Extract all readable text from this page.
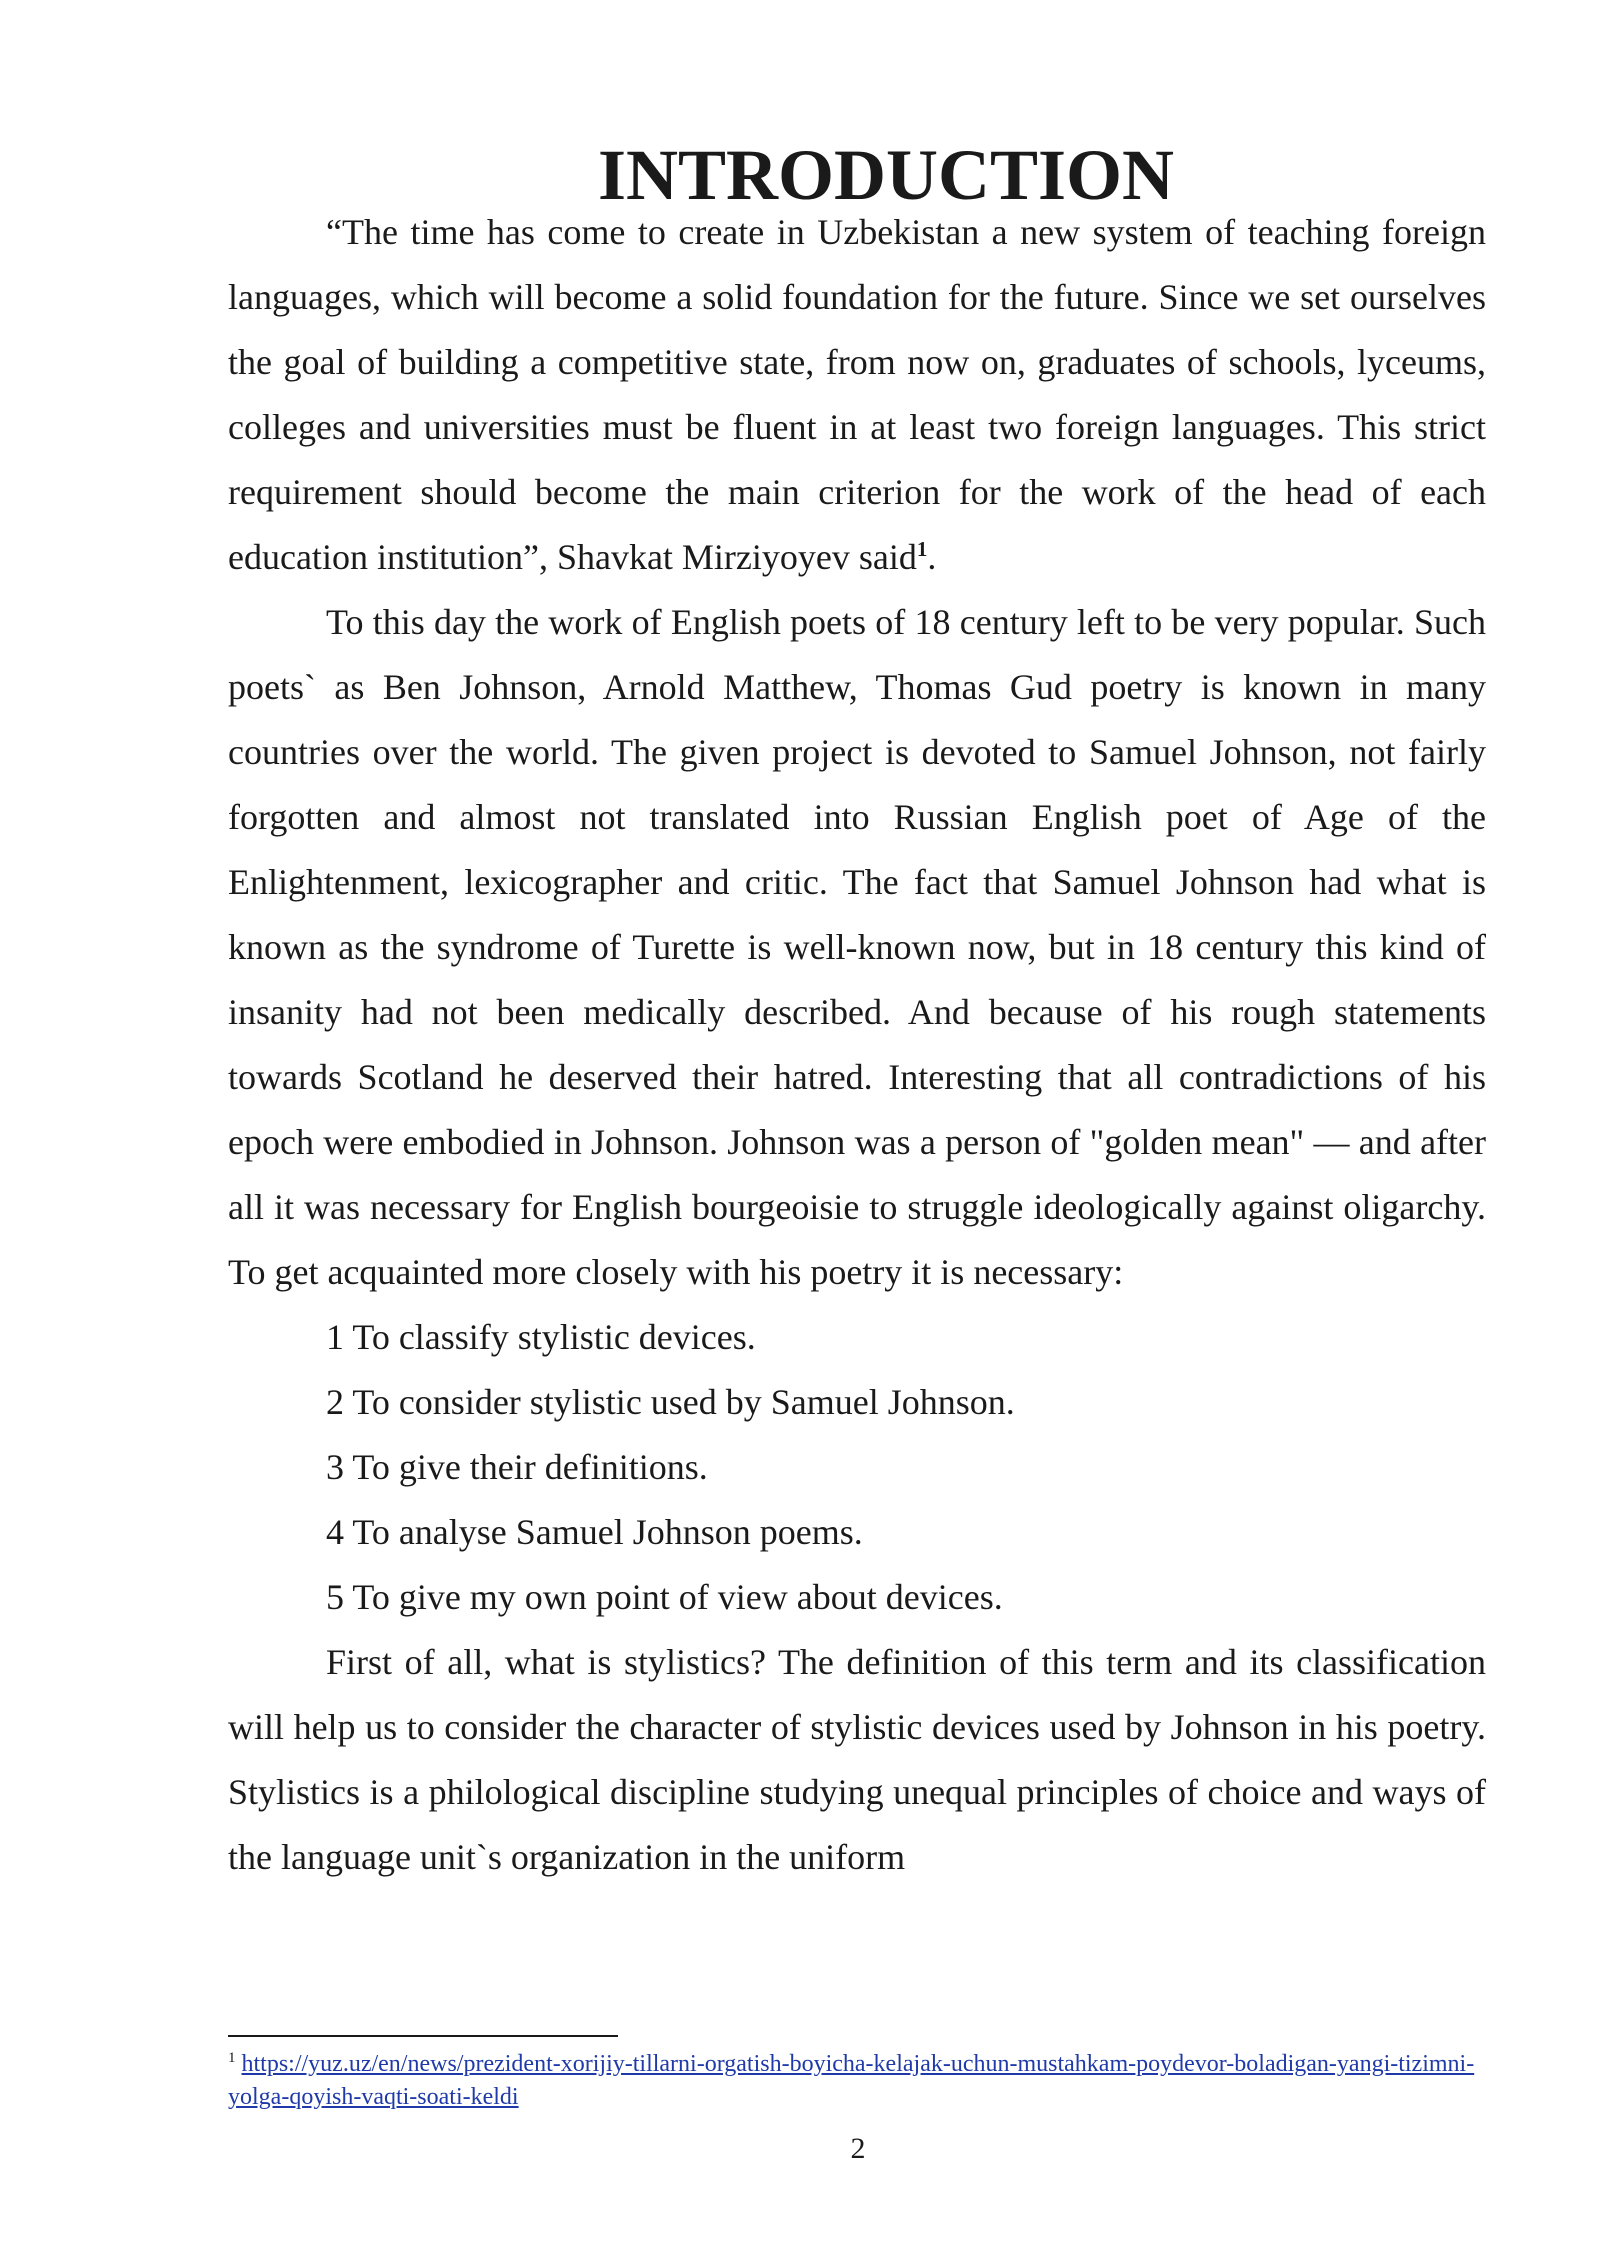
INTRODUCTION

“The time has come to create in Uzbekistan a new system of teaching foreign languages, which will become a solid foundation for the future. Since we set ourselves the goal of building a competitive state, from now on, graduates of schools, lyceums, colleges and universities must be fluent in at least two foreign languages. This strict requirement should become the main criterion for the work of the head of each education institution”, Shavkat Mirziyoyev said$^1$.

To this day the work of English poets of 18 century left to be very popular. Such poets` as Ben Johnson, Arnold Matthew, Thomas Gud poetry is known in many countries over the world. The given project is devoted to Samuel Johnson, not fairly forgotten and almost not translated into Russian English poet of Age of the Enlightenment, lexicographer and critic. The fact that Samuel Johnson had what is known as the syndrome of Turette is well-known now, but in 18 century this kind of insanity had not been medically described. And because of his rough statements towards Scotland he deserved their hatred. Interesting that all contradictions of his epoch were embodied in Johnson. Johnson was a person of "golden mean" — and after all it was necessary for English bourgeoisie to struggle ideologically against oligarchy. To get acquainted more closely with his poetry it is necessary:

1 To classify stylistic devices.

2 To consider stylistic used by Samuel Johnson.

3 To give their definitions.

4 To analyse Samuel Johnson poems.

5 To give my own point of view about devices.

First of all, what is stylistics? The definition of this term and its classification will help us to consider the character of stylistic devices used by Johnson in his poetry. Stylistics is a philological discipline studying unequal principles of choice and ways of the language unit`s organization in the uniform

$^1$ https://yuz.uz/en/news/prezident-xorijiy-tillarni-orgatish-boyicha-kelajak-uchun-mustahkam-poydevor-boladigan-yangi-tizimni-yolga-qoyish-vaqti-soati-keldi
2
